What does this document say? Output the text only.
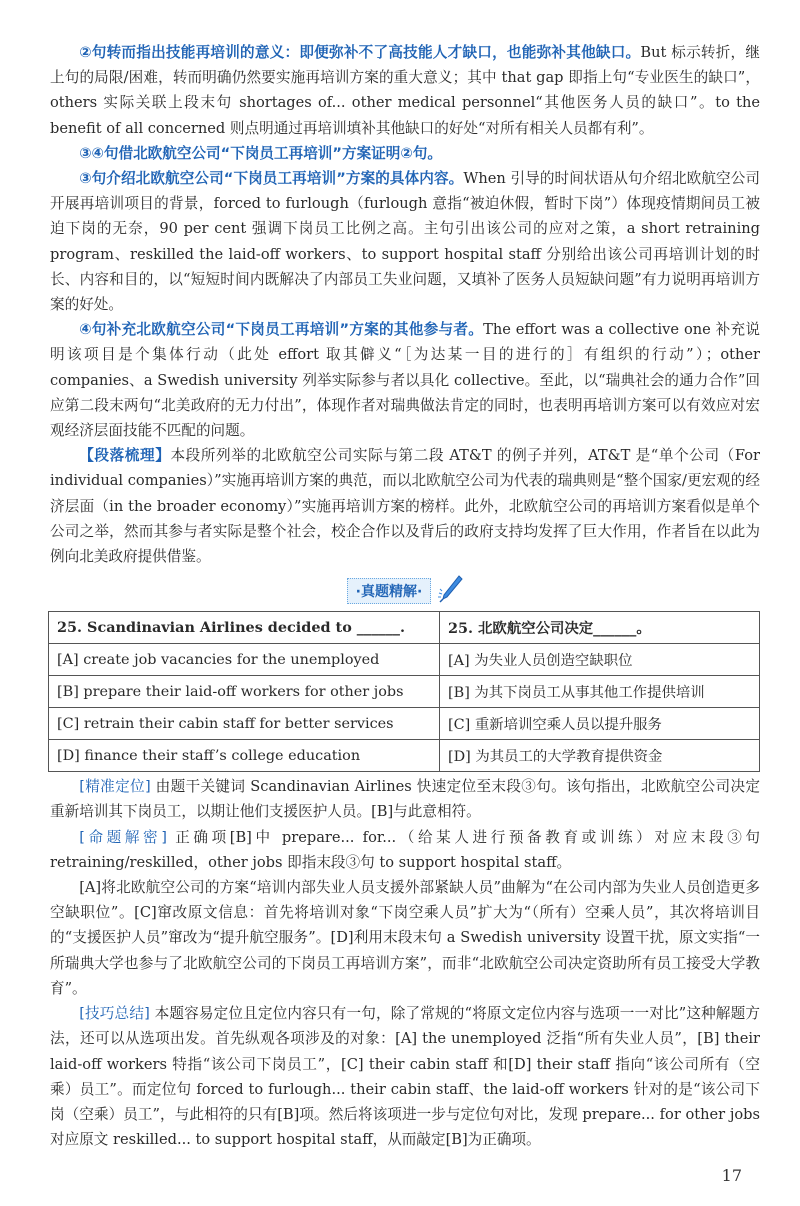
②句转而指出技能再培训的意义：即便弥补不了高技能人才缺口，也能弥补其他缺口。But 标示转折，继上句的局限/困难，转而明确仍然要实施再培训方案的重大意义；其中 that gap 即指上句“专业医生的缺口”，others 实际关联上段末句 shortages of... other medical personnel“其他医务人员的缺口”。to the benefit of all concerned 则点明通过再培训填补其他缺口的好处“对所有相关人员都有利”。

③④句借北欧航空公司“下岗员工再培训”方案证明②句。

③句介绍北欧航空公司“下岗员工再培训”方案的具体内容。When 引导的时间状语从句介绍北欧航空公司开展再培训项目的背景，forced to furlough（furlough 意指“被迫休假，暂时下岗”）体现疫情期间员工被迫下岗的无奈，90 per cent 强调下岗员工比例之高。主句引出该公司的应对之策，a short retraining program、reskilled the laid-off workers、to support hospital staff 分别给出该公司再培训计划的时长、内容和目的，以“短短时间内既解决了内部员工失业问题，又填补了医务人员短缺问题”有力说明再培训方案的好处。

④句补充北欧航空公司“下岗员工再培训”方案的其他参与者。The effort was a collective one 补充说明该项目是个集体行动（此处 effort 取其僻义“［为达某一目的进行的］有组织的行动”）；other companies、a Swedish university 列举实际参与者以具化 collective。至此，以“瑞典社会的通力合作”回应第二段末两句“北美政府的无力付出”，体现作者对瑞典做法肯定的同时，也表明再培训方案可以有效应对宏观经济层面技能不匹配的问题。

【段落梳理】本段所列举的北欧航空公司实际与第二段 AT&T 的例子并列，AT&T 是“单个公司（For individual companies）”实施再培训方案的典范，而以北欧航空公司为代表的瑞典则是“整个国家/更宏观的经济层面（in the broader economy）”实施再培训方案的榜样。此外，北欧航空公司的再培训方案看似是单个公司之举，然而其参与者实际是整个社会，校企合作以及背后的政府支持均发挥了巨大作用，作者旨在以此为例向北美政府提供借鉴。

·真题精解·
25. Scandinavian Airlines decided to ______.	25. 北欧航空公司决定______。
[A] create job vacancies for the unemployed	[A] 为失业人员创造空缺职位
[B] prepare their laid-off workers for other jobs	[B] 为其下岗员工从事其他工作提供培训
[C] retrain their cabin staff for better services	[C] 重新培训空乘人员以提升服务
[D] finance their staff’s college education	[D] 为其员工的大学教育提供资金

[精准定位] 由题干关键词 Scandinavian Airlines 快速定位至末段③句。该句指出，北欧航空公司决定重新培训其下岗员工，以期让他们支援医护人员。[B]与此意相符。

[命题解密] 正确项[B]中 prepare... for...（给某人进行预备教育或训练）对应末段③句 retraining/reskilled，other jobs 即指末段③句 to support hospital staff。

[A]将北欧航空公司的方案“培训内部失业人员支援外部紧缺人员”曲解为“在公司内部为失业人员创造更多空缺职位”。[C]窜改原文信息：首先将培训对象“下岗空乘人员”扩大为“（所有）空乘人员”，其次将培训目的“支援医护人员”窜改为“提升航空服务”。[D]利用末段末句 a Swedish university 设置干扰，原文实指“一所瑞典大学也参与了北欧航空公司的下岗员工再培训方案”，而非“北欧航空公司决定资助所有员工接受大学教育”。

[技巧总结] 本题容易定位且定位内容只有一句，除了常规的“将原文定位内容与选项一一对比”这种解题方法，还可以从选项出发。首先纵观各项涉及的对象：[A] the unemployed 泛指“所有失业人员”，[B] their laid-off workers 特指“该公司下岗员工”，[C] their cabin staff 和[D] their staff 指向“该公司所有（空乘）员工”。而定位句 forced to furlough... their cabin staff、the laid-off workers 针对的是“该公司下岗（空乘）员工”，与此相符的只有[B]项。然后将该项进一步与定位句对比，发现 prepare... for other jobs 对应原文 reskilled... to support hospital staff，从而敲定[B]为正确项。

17
